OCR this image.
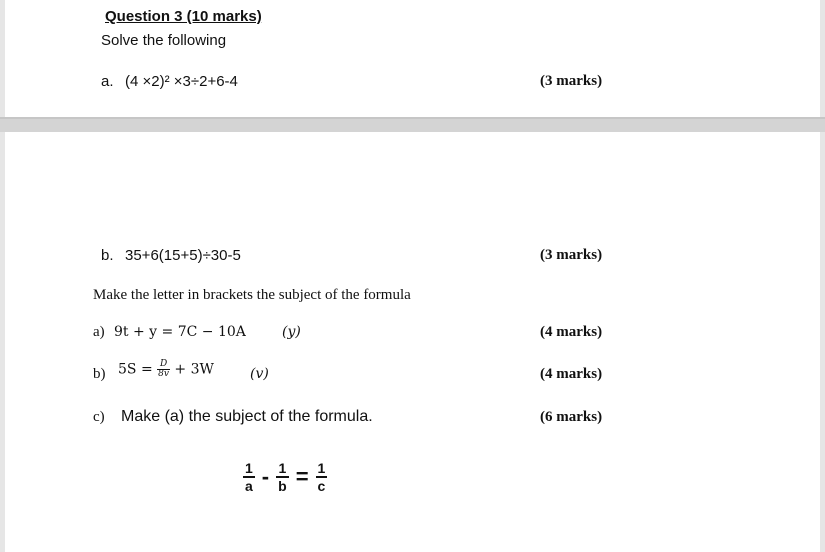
Question 3 (10 marks)
Solve the following
a. (4 ×2)² ×3÷2+6-4	(3 marks)
b. 35+6(15+5)÷30-5	(3 marks)
Make the letter in brackets the subject of the formula
a) 9t + y = 7C − 10A	(y)	(4 marks)
b) $5S = \frac{D}{8v} + 3W$	(v)	(4 marks)
c) Make (a) the subject of the formula.	(6 marks)
$\frac{1}{a} - \frac{1}{b} = \frac{1}{c}$
